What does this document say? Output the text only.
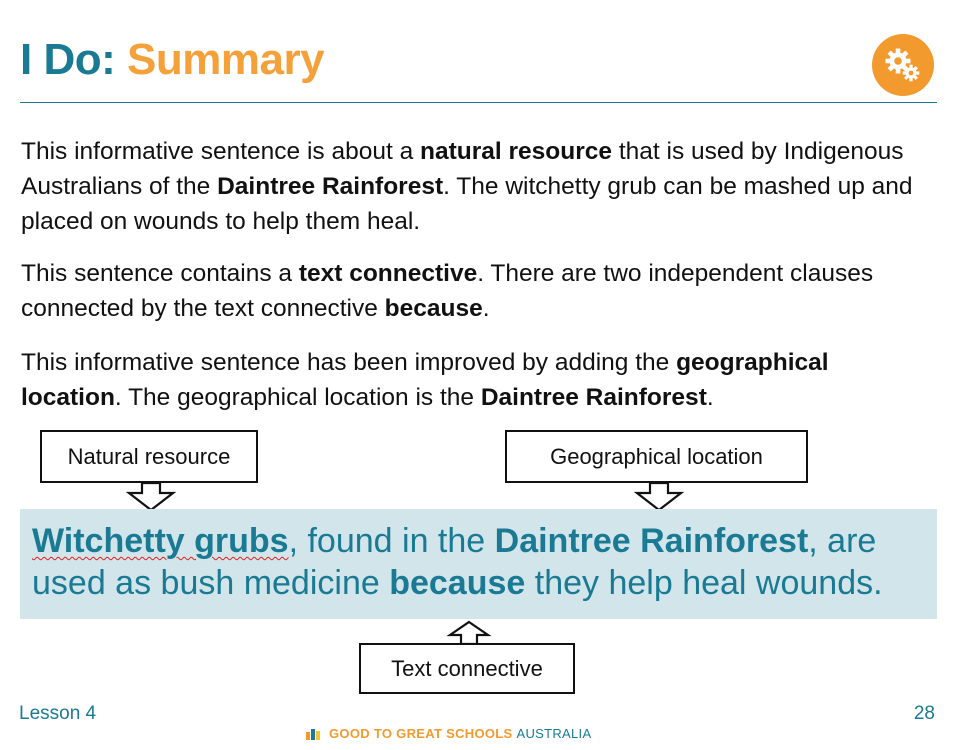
I Do: Summary

This informative sentence is about a natural resource that is used by Indigenous Australians of the Daintree Rainforest. The witchetty grub can be mashed up and placed on wounds to help them heal.

This sentence contains a text connective. There are two independent clauses connected by the text connective because.

This informative sentence has been improved by adding the geographical location. The geographical location is the Daintree Rainforest.

Natural resource	Geographical location

Witchetty grubs, found in the Daintree Rainforest, are used as bush medicine because they help heal wounds.

Text connective
Lesson 4	28
GOOD TO GREAT SCHOOLS AUSTRALIA
